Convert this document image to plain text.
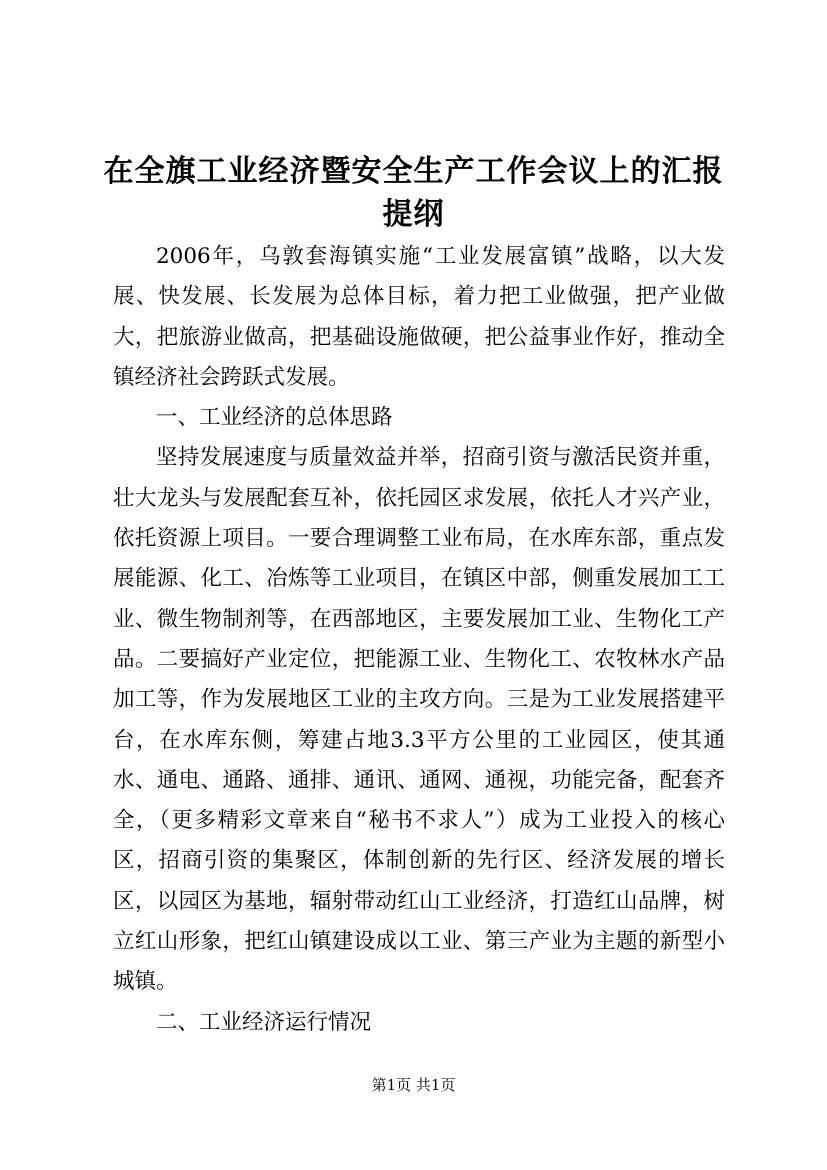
在全旗工业经济暨安全生产工作会议上的汇报
提纲

2006年，乌敦套海镇实施“工业发展富镇”战略，以大发展、快发展、长发展为总体目标，着力把工业做强，把产业做大，把旅游业做高，把基础设施做硬，把公益事业作好，推动全镇经济社会跨跃式发展。

一、工业经济的总体思路

坚持发展速度与质量效益并举，招商引资与激活民资并重，壮大龙头与发展配套互补，依托园区求发展，依托人才兴产业，依托资源上项目。一要合理调整工业布局，在水库东部，重点发展能源、化工、冶炼等工业项目，在镇区中部，侧重发展加工工业、微生物制剂等，在西部地区，主要发展加工业、生物化工产品。二要搞好产业定位，把能源工业、生物化工、农牧林水产品加工等，作为发展地区工业的主攻方向。三是为工业发展搭建平台，在水库东侧，筹建占地3.3平方公里的工业园区，使其通水、通电、通路、通排、通讯、通网、通视，功能完备，配套齐全，（更多精彩文章来自“秘书不求人”）成为工业投入的核心区，招商引资的集聚区，体制创新的先行区、经济发展的增长区，以园区为基地，辐射带动红山工业经济，打造红山品牌，树立红山形象，把红山镇建设成以工业、第三产业为主题的新型小城镇。

二、工业经济运行情况

第1页 共1页
